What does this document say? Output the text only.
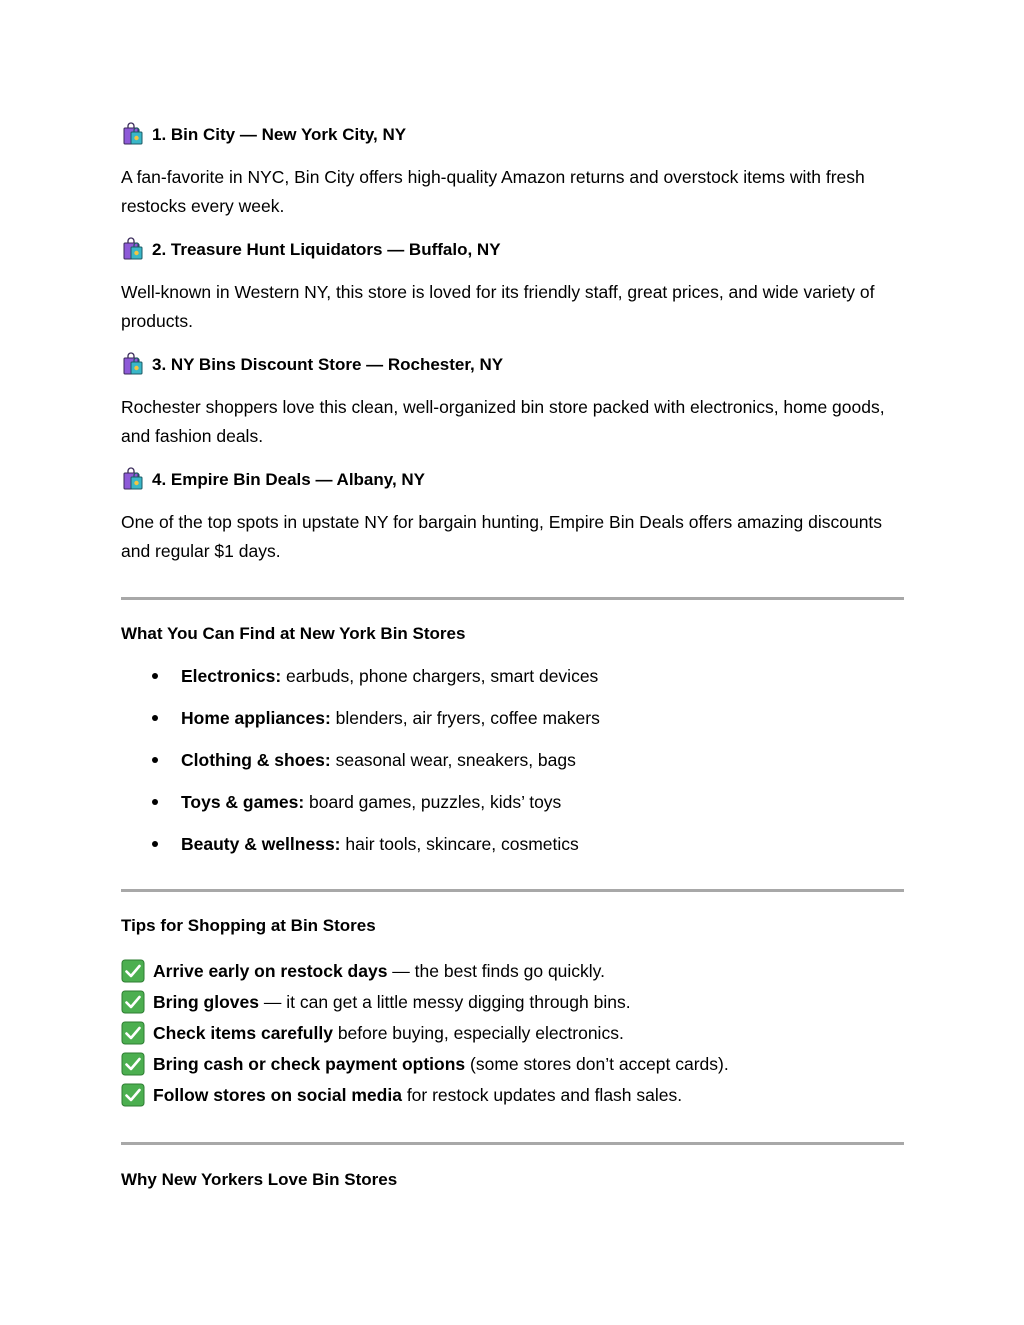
1. Bin City — New York City, NY
A fan-favorite in NYC, Bin City offers high-quality Amazon returns and overstock items with fresh restocks every week.
2. Treasure Hunt Liquidators — Buffalo, NY
Well-known in Western NY, this store is loved for its friendly staff, great prices, and wide variety of products.
3. NY Bins Discount Store — Rochester, NY
Rochester shoppers love this clean, well-organized bin store packed with electronics, home goods, and fashion deals.
4. Empire Bin Deals — Albany, NY
One of the top spots in upstate NY for bargain hunting, Empire Bin Deals offers amazing discounts and regular $1 days.
What You Can Find at New York Bin Stores
Electronics: earbuds, phone chargers, smart devices
Home appliances: blenders, air fryers, coffee makers
Clothing & shoes: seasonal wear, sneakers, bags
Toys & games: board games, puzzles, kids’ toys
Beauty & wellness: hair tools, skincare, cosmetics
Tips for Shopping at Bin Stores
Arrive early on restock days — the best finds go quickly.
Bring gloves — it can get a little messy digging through bins.
Check items carefully before buying, especially electronics.
Bring cash or check payment options (some stores don’t accept cards).
Follow stores on social media for restock updates and flash sales.
Why New Yorkers Love Bin Stores
